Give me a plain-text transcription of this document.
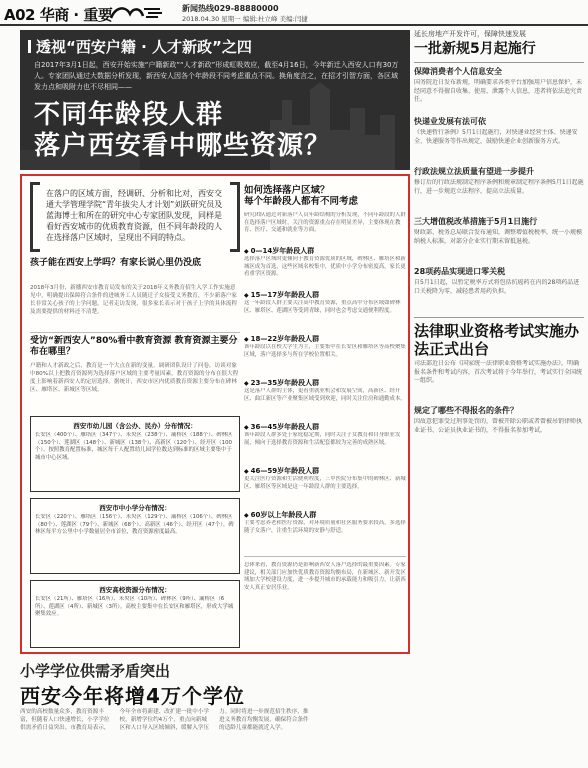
A02 华商 · 重要	新闻热线029-88880000
2018.04.30 星期一 编辑:杜立峰 美编:闫捷
透视“西安户籍 · 人才新政”之四
自2017年3月1日起，西安开始实施“户籍新政”“人才新政”形成虹吸效应，截至4月16日，今年新迁入西安人口有30万人。专家团队通过大数据分析发现，新西安人因各个年龄段不同考虑重点不同。换角度言之，在招才引智方面，各区域发力点和吸附力也不尽相同——
不同年龄段人群
落户西安看中哪些资源？
延长房地产开发许可，保障快速发展
一批新规5月起施行
保障消费者个人信息安全
国务院近日发布新规，明确要求各类平台加强用户信息保护，未经同意不得擅自收集、使用、泄露个人信息，违者将依法追究责任。
快递业发展有法可依
《快递暂行条例》5月1日起施行，对快递业经营主体、快递安全、快递服务等作出规定，鼓励快递企业创新服务方式。
行政法规立法质量有望进一步提升
修订后的行政法规制定程序条例和规章制定程序条例5月1日起施行，进一步规范立法程序，提高立法质量。
三大增值税改革措施于5月1日施行
财政部、税务总局联合发布通知，调整增值税税率，统一小规模纳税人标准，对部分企业实行期末留抵退税。
28项药品实现进口零关税
自5月1日起，以暂定税率方式将包括抗癌药在内的28项药品进口关税降为零，减轻患者用药负担。
法律职业资格考试实施办法正式出台
司法部近日公布《国家统一法律职业资格考试实施办法》，明确报名条件和考试内容，首次考试将于今年举行，考试实行全国统一组织。
规定了哪些不得报名的条件？
因故意犯罪受过刑事处罚的，曾被开除公职或者曾被吊销律师执业证书、公证员执业证书的，不得报名参加考试。
在落户的区域方面，经调研、分析和比对，西安交通大学管理学院“青年拔尖人才计划”刘跃研究员及蓝海博士和所在的研究中心专家团队发现，同样是看好西安城市的优质教育资源，但不同年龄段的人在选择落户区域时，呈现出不同的特点。
孩子能在西安上学吗？有家长说心里仍没底
2018年3月份，新播西安市教育局发布的关于2018年义务教育招生入学工作实施意见中，明确提出保障符合条件的进城务工人员随迁子女接受义务教育，不少新落户家长非常关心孩子的上学问题。记者走访发现，很多家长表示对于孩子上学的具体流程及需要提供的材料还不清楚。
受访“新西安人”80%看中教育资源 教育资源主要分布在哪里？
户籍和人才新政之后，教育是一个大点在新的变量。调研团队设计了问卷，访谈对象中80%以上把教育资源列为选择落户区域的主要考量因素，教育资源的分布在很大程度上影响着新西安人的定居选择。据统计，西安市区内优质教育资源主要分布在碑林区、雁塔区、新城区等区域。
西安市幼儿园（含公办、民办）分布情况：
长安区（400个）、雁塔区（347个）、未央区（238个）、灞桥区（188个）、碑林区（150个）、莲湖区（148个）、新城区（138个）、高新区（120个）、经开区（100个）。按照教育配置标准，城区每千人配置幼儿园学位数达到标准的区域主要集中于城市中心区域。
西安市中小学分布情况：
长安区（220个）、雁塔区（156个）、未央区（129个）、灞桥区（106个）、碑林区（80个）、莲湖区（79个）、新城区（68个）、高新区（46个）、经开区（47个）。碑林区每平方公里中小学数量居全市首位，教育资源密度最高。
西安高校资源分布情况：
长安区（21所）、雁塔区（16所）、未央区（10所）、碑林区（9所）、灞桥区（6所）、莲湖区（4所）、新城区（3所）。高校主要集中在长安区和雁塔区，形成大学城聚集效应。
如何选择落户区域？
每个年龄段人都有不同考虑
研究团队通过对新落户人员年龄结构的分析发现，不同年龄段的人群在选择落户区域时，关注的资源重点存在明显差异，主要体现在教育、医疗、交通和就业等方面。
◆ 0—14岁年龄段人群
选择落户区域时更倾向于教育资源优质的区域，碑林区、雁塔区和新城区成为首选，这些区域名校集中，优质中小学分布密度高，家长更看重学区资源。
◆ 15—17岁年龄段人群
这一年龄段人群主要关注高中教育资源，重点高中分布区域如碑林区、雁塔区、莲湖区等受到青睐，同时也会考虑交通便利程度。
◆ 18—22岁年龄段人群
该年龄段以在校大学生为主，主要集中在长安区和雁塔区等高校聚集区域，落户选择多与所在学校位置相关。
◆ 23—35岁年龄段人群
这是落户人群的主体，更看重就业机会和发展空间，高新区、经开区、曲江新区等产业聚集区域受到欢迎，同时关注住房和通勤成本。
◆ 36—45岁年龄段人群
该年龄段人群多处于家庭稳定期，同时关注子女教育和自身职业发展，倾向于选择教育资源和生活配套都较为完善的成熟区域。
◆ 46—59岁年龄段人群
更关注医疗资源和生活便利程度，三甲医院分布集中的碑林区、新城区、雁塔区等区域是这一年龄段人群的主要选择。
◆ 60岁以上年龄段人群
主要考虑养老和医疗资源，对环境质量和社区服务要求较高，多选择随子女落户，注重生活环境的安静与舒适。
总体来看，教育资源仍是影响新西安人落户选择的最重要因素。专家建议，相关部门应加快优质教育资源均衡布局，在新城区、新开发区域加大学校建设力度，进一步提升城市的承载能力和吸引力，让新西安人真正安居乐业。
小学学位供需矛盾突出
西安今年将增4万个学位
西安的高校数量众多，教育资源丰富，但随着人口快速增长，小学学位供需矛盾日益突出。市教育局表示，今年全市将新建、改扩建一批中小学校，新增学位约4万个，重点向新城区和人口导入区域倾斜，缓解入学压力。同时将进一步规范招生秩序，推进义务教育均衡发展，确保符合条件的适龄儿童都能就近入学。
